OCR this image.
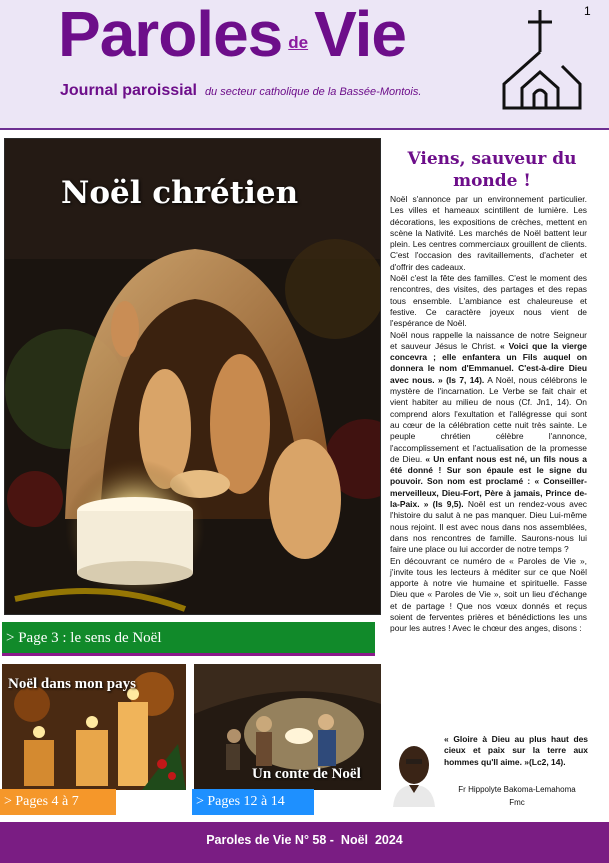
Paroles deVie
Journal paroissial du secteur catholique de la Bassée-Montois.
Noël chrétien
> Page 3 : le sens de Noël
Noël dans mon pays
Un conte de Noël
> Pages 4 à 7	> Pages 12 à 14
Viens, sauveur du monde !

Noël s'annonce par un environnement particulier. Les villes et hameaux scintillent de lumière. Les décorations, les expositions de crèches, mettent en scène la Nativité. Les marchés de Noël battent leur plein. Les centres commerciaux grouillent de clients. C'est l'occasion des ravitaillements, d'acheter et d'offrir des cadeaux.

Noël c'est la fête des familles. C'est le moment des rencontres, des visites, des partages et des repas tous ensemble. L'ambiance est chaleureuse et festive. Ce caractère joyeux nous vient de l'espérance de Noël.

Noël nous rappelle la naissance de notre Seigneur et sauveur Jésus le Christ. « Voici que la vierge concevra ; elle enfantera un Fils auquel on donnera le nom d'Emmanuel. C'est-à-dire Dieu avec nous. » (Is 7, 14). A Noël, nous célébrons le mystère de l'incarnation. Le Verbe se fait chair et vient habiter au milieu de nous (Cf. Jn1, 14). On comprend alors l'exultation et l'allégresse qui sont au cœur de la célébration cette nuit très sainte. Le peuple chrétien célèbre l'annonce, l'accomplissement et l'actualisation de la promesse de Dieu. « Un enfant nous est né, un fils nous a été donné ! Sur son épaule est le signe du pouvoir. Son nom est proclamé : « Conseiller-merveilleux, Dieu-Fort, Père à jamais, Prince de-la-Paix. » (Is 9,5). Noël est un rendez-vous avec l'histoire du salut à ne pas manquer. Dieu Lui-même nous rejoint. Il est avec nous dans nos assemblées, dans nos rencontres de famille. Saurons-nous lui faire une place ou lui accorder de notre temps ?

En découvrant ce numéro de « Paroles de Vie », j'invite tous les lecteurs à méditer sur ce que Noël apporte à notre vie humaine et spirituelle. Fasse Dieu que « Paroles de Vie », soit un lieu d'échange et de partage ! Que nos vœux donnés et reçus soient de ferventes prières et bénédictions les uns pour les autres ! Avec le chœur des anges, disons :

« Gloire à Dieu au plus haut des cieux et paix sur la terre aux hommes qu'Il aime. »(Lc2, 14).
Fr Hippolyte Bakoma-Lemahoma
Fmc
Paroles de Vie N° 58 -  Noël  2024
1
